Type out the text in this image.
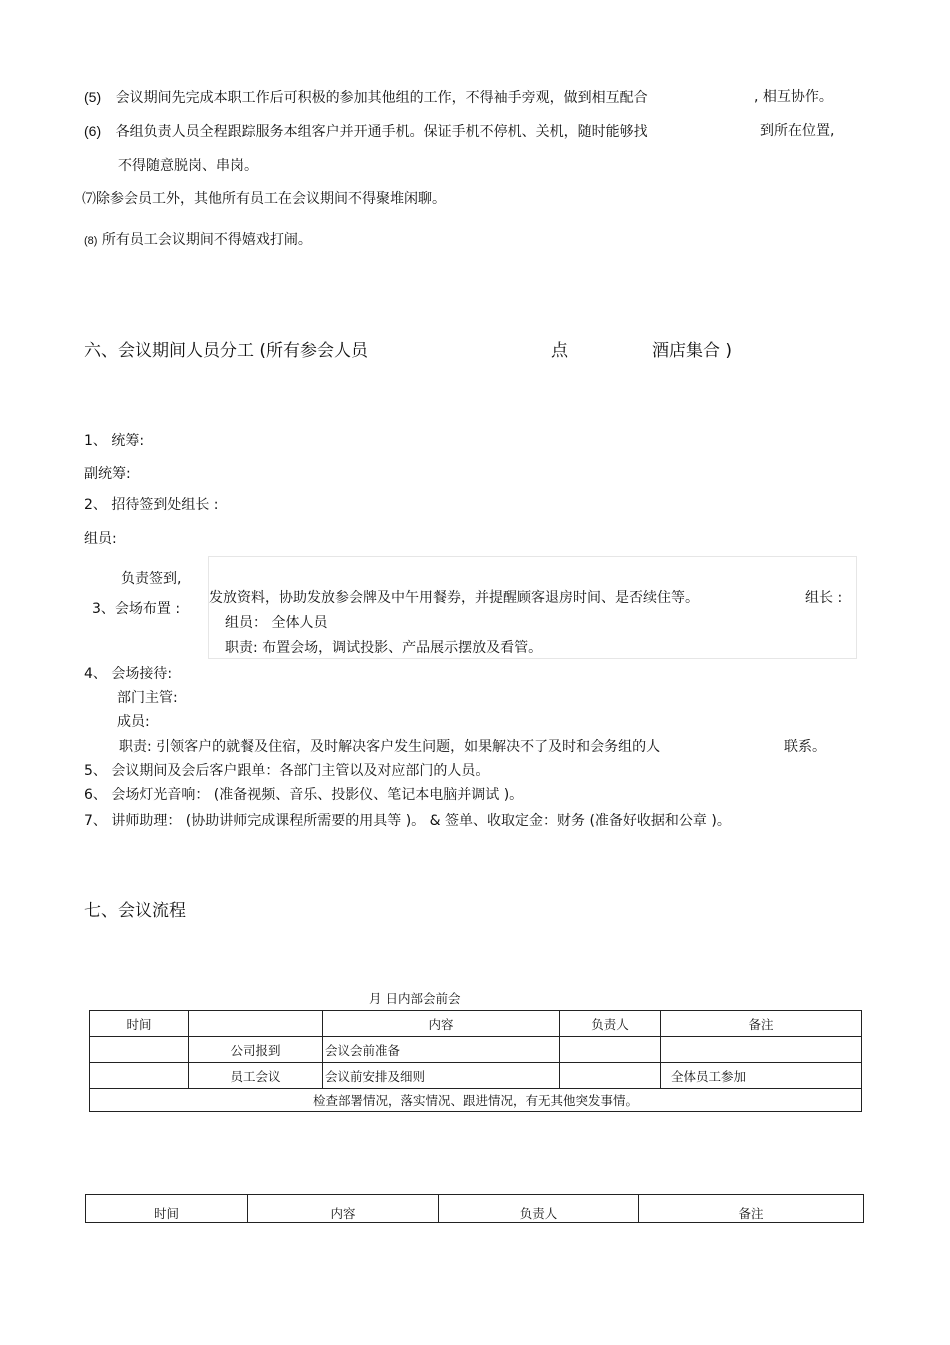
(5) 会议期间先完成本职工作后可积极的参加其他组的工作，不得袖手旁观，做到相互配合	, 相互协作。
(6) 各组负责人员全程跟踪服务本组客户并开通手机。保证手机不停机、关机，随时能够找	到所在位置,
不得随意脱岗、串岗。
⑺除参会员工外，其他所有员工在会议期间不得聚堆闲聊。
(8) 所有员工会议期间不得嬉戏打闹。
六、会议期间人员分工 (所有参会人员	点	酒店集合 )
1、 统筹:
副统筹:
2、 招待签到处组长 :
组员:
负责签到,
3、会场布置 :
发放资料，协助发放参会牌及中午用餐券，并提醒顾客退房时间、是否续住等。	组长 :
组员： 全体人员
职责: 布置会场，调试投影、产品展示摆放及看管。
4、 会场接待:
部门主管:
成员:
职责: 引领客户的就餐及住宿，及时解决客户发生问题，如果解决不了及时和会务组的人	联系。
5、 会议期间及会后客户跟单：各部门主管以及对应部门的人员。
6、 会场灯光音响： (准备视频、音乐、投影仪、笔记本电脑并调试 )。
7、 讲师助理： (协助讲师完成课程所需要的用具等 )。 & 签单、收取定金：财务 (准备好收据和公章 )。
七、会议流程
月 日内部会前会
时间		内容	负责人	备注
	公司报到	会议会前准备		
	员工会议	会议前安排及细则		全体员工参加
检查部署情况，落实情况、跟进情况，有无其他突发事情。				
时间	内容	负责人	备注
